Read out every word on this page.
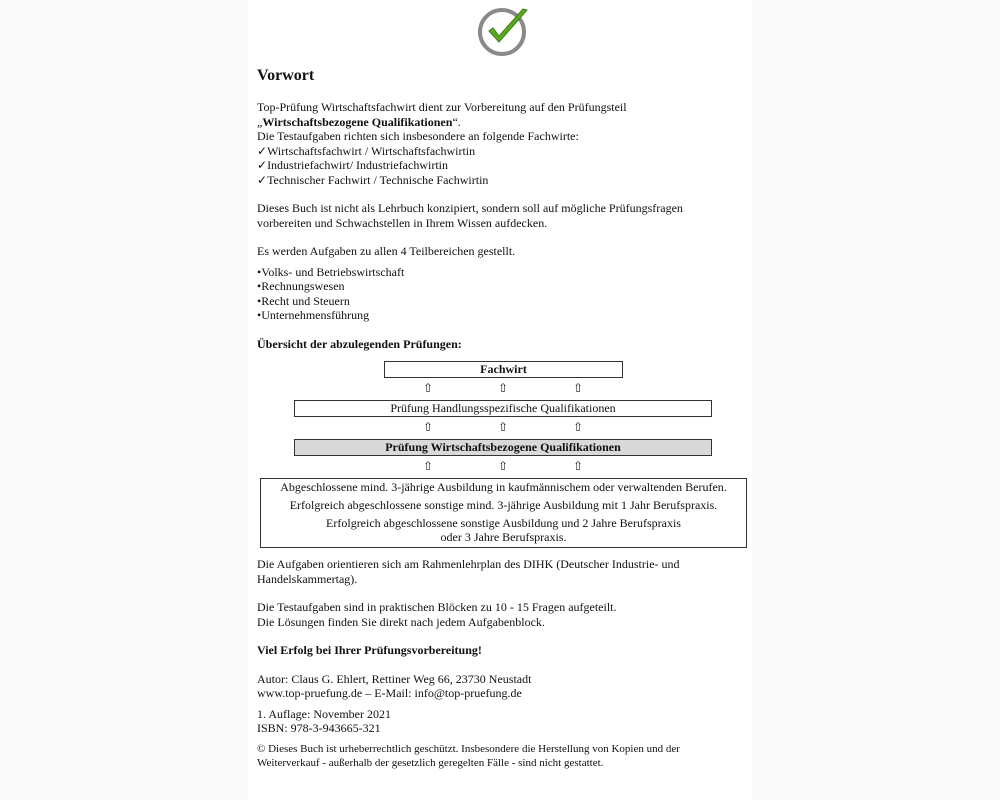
Vorwort

Top-Prüfung Wirtschaftsfachwirt dient zur Vorbereitung auf den Prüfungsteil

„Wirtschaftsbezogene Qualifikationen“.

Die Testaufgaben richten sich insbesondere an folgende Fachwirte:

✓ Wirtschaftsfachwirt / Wirtschaftsfachwirtin

✓ Industriefachwirt/ Industriefachwirtin

✓ Technischer Fachwirt / Technische Fachwirtin

Dieses Buch ist nicht als Lehrbuch konzipiert, sondern soll auf mögliche Prüfungsfragen

vorbereiten und Schwachstellen in Ihrem Wissen aufdecken.

Es werden Aufgaben zu allen 4 Teilbereichen gestellt.

• Volks- und Betriebswirtschaft

• Rechnungswesen

• Recht und Steuern

• Unternehmensführung

Übersicht der abzulegenden Prüfungen:

Fachwirt
⇧	⇧	⇧
Prüfung Handlungsspezifische Qualifikationen
⇧	⇧	⇧
Prüfung Wirtschaftsbezogene Qualifikationen
⇧	⇧	⇧

Abgeschlossene mind. 3-jährige Ausbildung in kaufmännischem oder verwaltenden Berufen.

Erfolgreich abgeschlossene sonstige mind. 3-jährige Ausbildung mit 1 Jahr Berufspraxis.

Erfolgreich abgeschlossene sonstige Ausbildung und 2 Jahre Berufspraxis

oder 3 Jahre Berufspraxis.

Die Aufgaben orientieren sich am Rahmenlehrplan des DIHK (Deutscher Industrie- und

Handelskammertag).

Die Testaufgaben sind in praktischen Blöcken zu 10 - 15 Fragen aufgeteilt.

Die Lösungen finden Sie direkt nach jedem Aufgabenblock.

Viel Erfolg bei Ihrer Prüfungsvorbereitung!

Autor: Claus G. Ehlert, Rettiner Weg 66, 23730 Neustadt

www.top-pruefung.de – E-Mail: info@top-pruefung.de

1. Auflage: November 2021

ISBN: 978-3-943665-321

© Dieses Buch ist urheberrechtlich geschützt. Insbesondere die Herstellung von Kopien und der

Weiterverkauf - außerhalb der gesetzlich geregelten Fälle - sind nicht gestattet.
